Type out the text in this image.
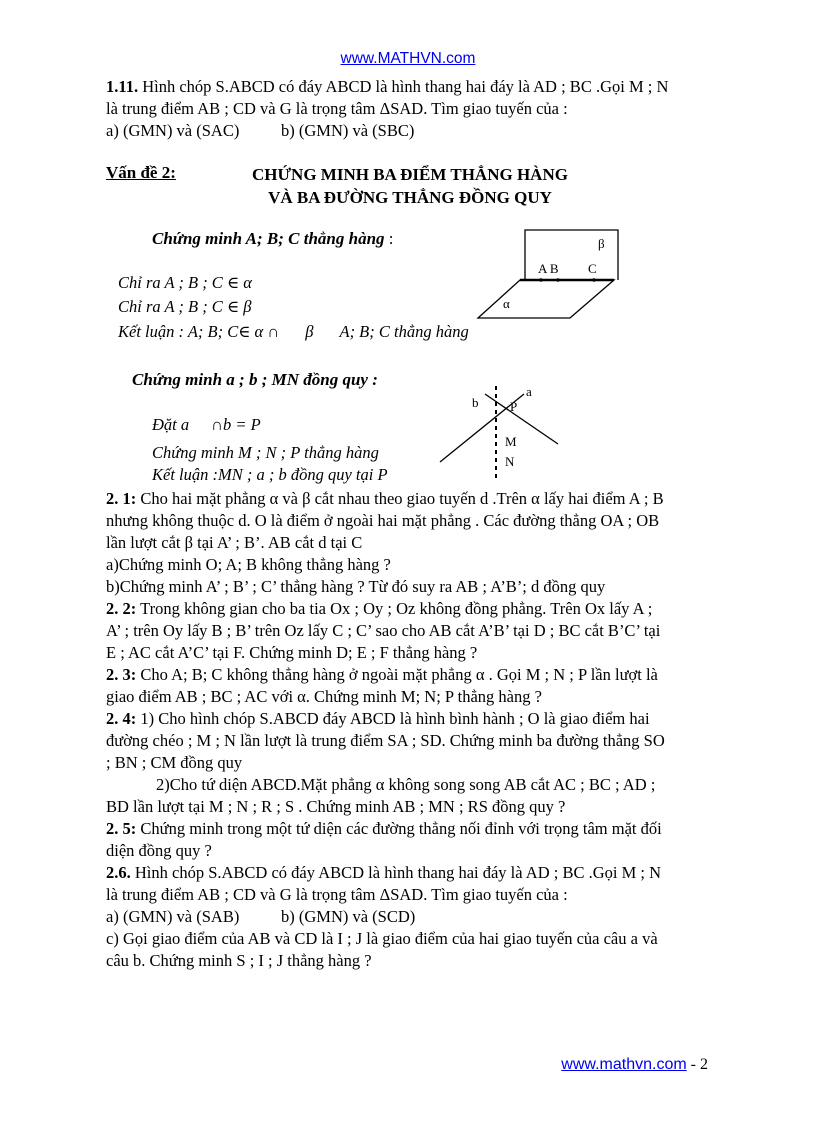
www.MATHVN.com
1.11. Hình chóp S.ABCD có đáy ABCD là hình thang hai đáy là AD ; BC .Gọi M ; N
là trung điểm AB ; CD và G là trọng tâm ΔSAD. Tìm giao tuyến của :
a) (GMN) và (SAC)	b) (GMN) và (SBC)
Vấn đề 2:	CHỨNG MINH BA ĐIỂM THẲNG HÀNG
VÀ BA ĐƯỜNG THẲNG ĐỒNG QUY
Chứng minh A; B; C thẳng hàng :
Chỉ ra A ; B ; C ∈ α
Chỉ ra A ; B ; C ∈ β
Kết luận : A; B; C∈ α ∩ β A; B; C thẳng hàng
β
A B C
α
Chứng minh a ; b ; MN đồng quy :
Đặt a ∩b = P
Chứng minh M ; N ; P thẳng hàng
Kết luận :MN ; a ; b đồng quy tại P
a
b P
M
N
2. 1: Cho hai mặt phẳng α và β cắt nhau theo giao tuyến d .Trên α lấy hai điểm A ; B
nhưng không thuộc d. O là điểm ở ngoài hai mặt phẳng . Các đường thẳng OA ; OB
lần lượt cắt β tại A’ ; B’. AB cắt d tại C
a)Chứng minh O; A; B không thẳng hàng ?
b)Chứng minh A’ ; B’ ; C’ thẳng hàng ? Từ đó suy ra AB ; A’B’; d đồng quy
2. 2: Trong không gian cho ba tia Ox ; Oy ; Oz không đồng phẳng. Trên Ox lấy A ;
A’ ; trên Oy lấy B ; B’ trên Oz lấy C ; C’ sao cho AB cắt A’B’ tại D ; BC cắt B’C’ tại
E ; AC cắt A’C’ tại F. Chứng minh D; E ; F thẳng hàng ?
2. 3: Cho A; B; C không thẳng hàng ở ngoài mặt phẳng α . Gọi M ; N ; P lần lượt là
giao điểm AB ; BC ; AC với α. Chứng minh M; N; P thẳng hàng ?
2. 4: 1) Cho hình chóp S.ABCD đáy ABCD là hình bình hành ; O là giao điểm hai
đường chéo ; M ; N lần lượt là trung điểm SA ; SD. Chứng minh ba đường thẳng SO
; BN ; CM đồng quy
2)Cho tứ diện ABCD.Mặt phẳng α không song song AB cắt AC ; BC ; AD ;
BD lần lượt tại M ; N ; R ; S . Chứng minh AB ; MN ; RS đồng quy ?
2. 5: Chứng minh trong một tứ diện các đường thẳng nối đỉnh với trọng tâm mặt đối
diện đồng quy ?
2.6. Hình chóp S.ABCD có đáy ABCD là hình thang hai đáy là AD ; BC .Gọi M ; N
là trung điểm AB ; CD và G là trọng tâm ΔSAD. Tìm giao tuyến của :
a) (GMN) và (SAB)	b) (GMN) và (SCD)
c) Gọi giao điểm của AB và CD là I ; J là giao điểm của hai giao tuyến của câu a và
câu b. Chứng minh S ; I ; J thẳng hàng ?
www.mathvn.com - 2
